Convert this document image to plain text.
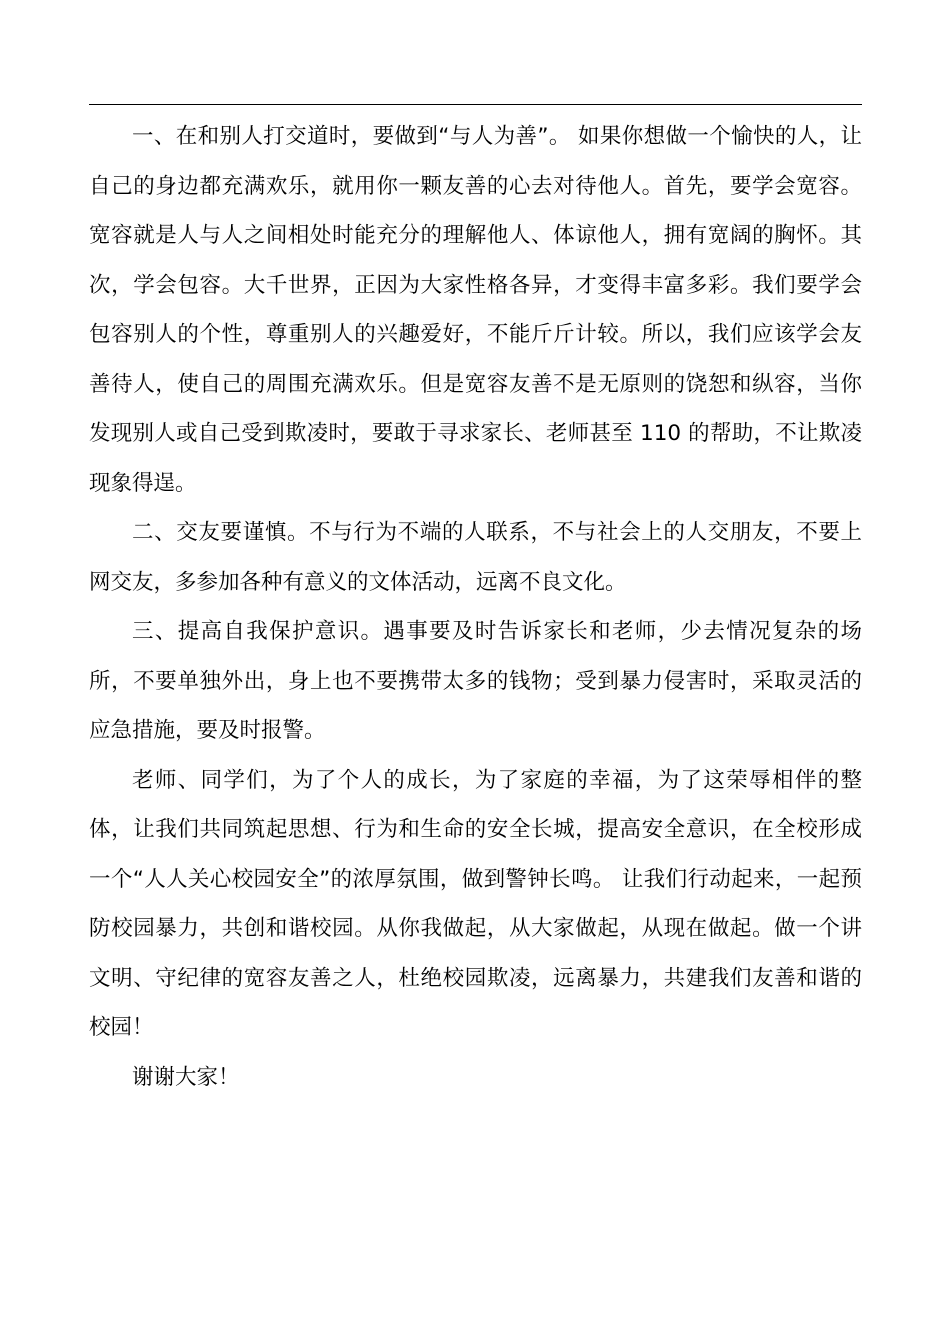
一、在和别人打交道时，要做到“与人为善”。 如果你想做一个愉快的人，让自己的身边都充满欢乐，就用你一颗友善的心去对待他人。首先，要学会宽容。宽容就是人与人之间相处时能充分的理解他人、体谅他人，拥有宽阔的胸怀。其次，学会包容。大千世界，正因为大家性格各异，才变得丰富多彩。我们要学会包容别人的个性，尊重别人的兴趣爱好，不能斤斤计较。所以，我们应该学会友善待人，使自己的周围充满欢乐。但是宽容友善不是无原则的饶恕和纵容，当你发现别人或自己受到欺凌时，要敢于寻求家长、老师甚至 110 的帮助，不让欺凌现象得逞。

二、交友要谨慎。不与行为不端的人联系，不与社会上的人交朋友，不要上网交友，多参加各种有意义的文体活动，远离不良文化。

三、提高自我保护意识。遇事要及时告诉家长和老师，少去情况复杂的场所，不要单独外出，身上也不要携带太多的钱物；受到暴力侵害时，采取灵活的应急措施，要及时报警。

老师、同学们，为了个人的成长，为了家庭的幸福，为了这荣辱相伴的整体，让我们共同筑起思想、行为和生命的安全长城，提高安全意识，在全校形成一个“人人关心校园安全”的浓厚氛围，做到警钟长鸣。 让我们行动起来，一起预防校园暴力，共创和谐校园。从你我做起，从大家做起，从现在做起。做一个讲文明、守纪律的宽容友善之人，杜绝校园欺凌，远离暴力，共建我们友善和谐的校园！

谢谢大家！
